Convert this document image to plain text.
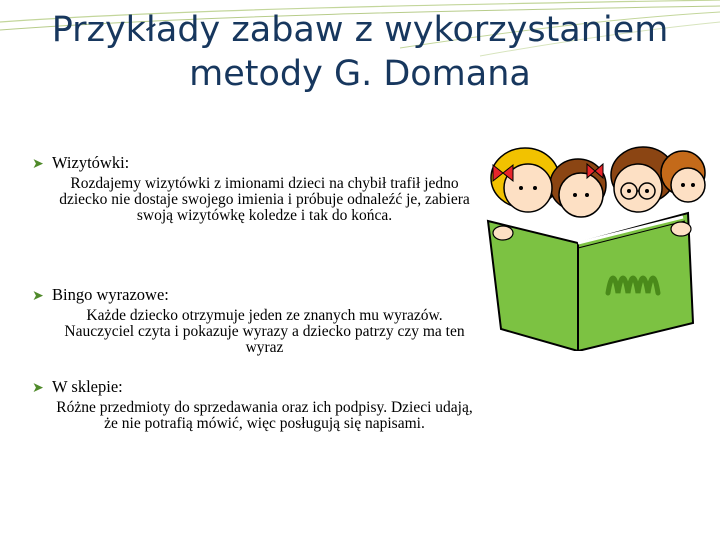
Przykłady zabaw z wykorzystaniem
metody G. Domana
➤ Wizytówki:
Rozdajemy wizytówki z imionami dzieci na chybił trafił jedno dziecko nie dostaje swojego imienia i próbuje odnaleźć je, zabiera swoją wizytówkę koledze i tak do końca.
➤ Bingo wyrazowe:
Każde dziecko otrzymuje jeden ze znanych mu wyrazów. Nauczyciel czyta i pokazuje wyrazy a dziecko patrzy czy ma ten wyraz
➤ W sklepie:
Różne przedmioty do sprzedawania oraz ich podpisy. Dzieci udają, że nie potrafią mówić, więc posługują się napisami.
